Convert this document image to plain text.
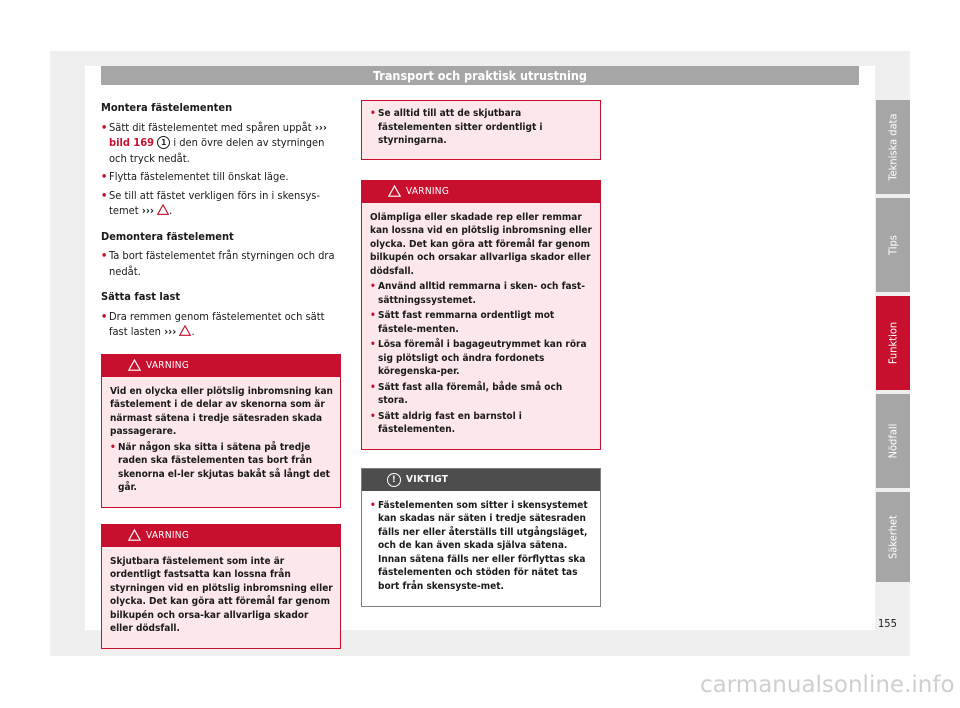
Transport och praktisk utrustning
Montera fästelementen
• Sätt dit fästelementet med spåren uppåt ››› bild 169 1 i den övre delen av styrningen och tryck nedåt.
• Flytta fästelementet till önskat läge.
• Se till att fästet verkligen förs in i skensys-temet ››› .
Demontera fästelement
• Ta bort fästelementet från styrningen och dra nedåt.
Sätta fast last
• Dra remmen genom fästelementet och sätt fast lasten ››› .
VARNING

Vid en olycka eller plötslig inbromsning kan fästelement i de delar av skenorna som är närmast sätena i tredje sätesraden skada passagerare.

• När någon ska sitta i sätena på tredje raden ska fästelementen tas bort från skenorna el-ler skjutas bakåt så långt det går.
VARNING

Skjutbara fästelement som inte är ordentligt fastsatta kan lossna från styrningen vid en plötslig inbromsning eller olycka. Det kan göra att föremål far genom bilkupén och orsa-kar allvarliga skador eller dödsfall.

• Se alltid till att de skjutbara fästelementen sitter ordentligt i styrningarna.
VARNING

Olämpliga eller skadade rep eller remmar kan lossna vid en plötslig inbromsning eller olycka. Det kan göra att föremål far genom bilkupén och orsakar allvarliga skador eller dödsfall.

• Använd alltid remmarna i sken- och fast-sättningssystemet.
• Sätt fast remmarna ordentligt mot fästele-menten.
• Lösa föremål i bagageutrymmet kan röra sig plötsligt och ändra fordonets köregenska-per.
• Sätt fast alla föremål, både små och stora.
• Sätt aldrig fast en barnstol i fästelementen.
!	VIKTIGT
• Fästelementen som sitter i skensystemet kan skadas när säten i tredje sätesraden fälls ner eller återställs till utgångsläget, och de kan även skada själva sätena. Innan sätena fälls ner eller förflyttas ska fästelementen och stöden för nätet tas bort från skensyste-met.
Tekniska data
Tips
Funktion
Nödfall
Säkerhet
155
carmanualsonline.info
